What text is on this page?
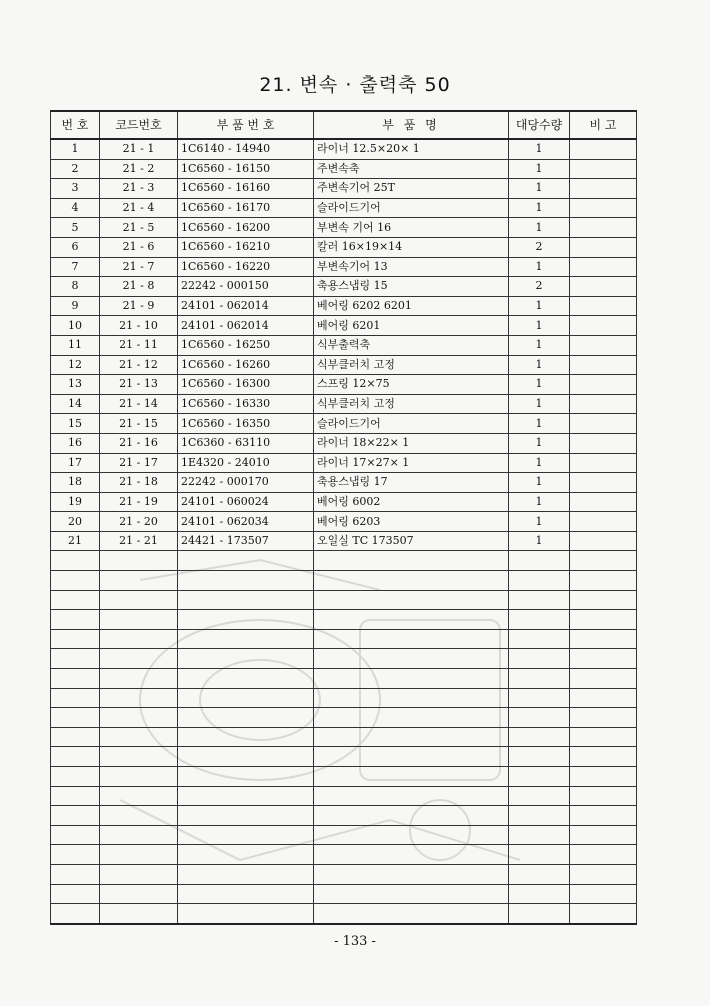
21. 변속 · 출력축 50
번 호	코드번호	부 품 번 호	부 품 명	대당수량	비 고
1	21 - 1	1C6140 - 14940	라이너 12.5×20× 1	1	
2	21 - 2	1C6560 - 16150	주변속축	1	
3	21 - 3	1C6560 - 16160	주변속기어 25T	1	
4	21 - 4	1C6560 - 16170	슬라이드기어	1	
5	21 - 5	1C6560 - 16200	부변속 기어 16	1	
6	21 - 6	1C6560 - 16210	칼러 16×19×14	2	
7	21 - 7	1C6560 - 16220	부변속기어 13	1	
8	21 - 8	22242 - 000150	축용스냅링 15	2	
9	21 - 9	24101 - 062014	베어링 6202 6201	1	
10	21 - 10	24101 - 062014	베어링 6201	1	
11	21 - 11	1C6560 - 16250	식부출력축	1	
12	21 - 12	1C6560 - 16260	식부클러치 고정	1	
13	21 - 13	1C6560 - 16300	스프링 12×75	1	
14	21 - 14	1C6560 - 16330	식부클러치 고정	1	
15	21 - 15	1C6560 - 16350	슬라이드기어	1	
16	21 - 16	1C6360 - 63110	라이너 18×22× 1	1	
17	21 - 17	1E4320 - 24010	라이너 17×27× 1	1	
18	21 - 18	22242 - 000170	축용스냅링 17	1	
19	21 - 19	24101 - 060024	베어링 6002	1	
20	21 - 20	24101 - 062034	베어링 6203	1	
21	21 - 21	24421 - 173507	오일실 TC 173507	1	

- 133 -
